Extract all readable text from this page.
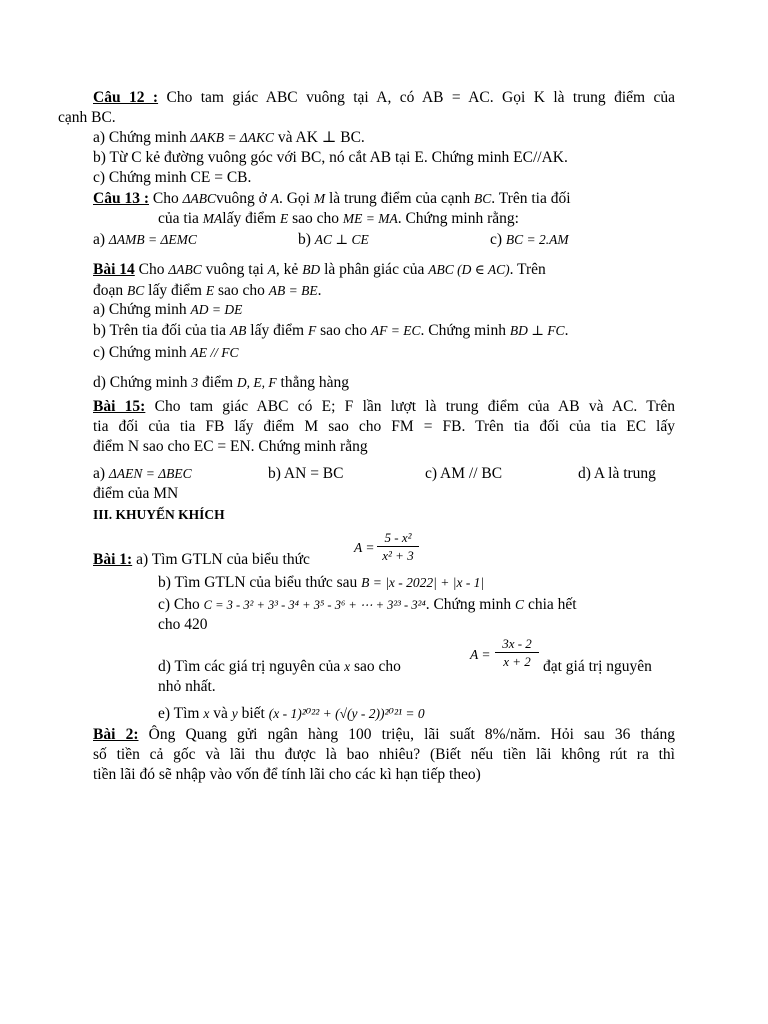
Câu 12 : Cho tam giác ABC vuông tại A, có AB = AC. Gọi K là trung điểm của
cạnh BC.
a) Chứng minh ΔAKB = ΔAKC và AK ⊥ BC.
b) Từ C kẻ đường vuông góc với BC, nó cắt AB tại E. Chứng minh EC//AK.
c) Chứng minh CE = CB.
Câu 13 : Cho ΔABCvuông ở A. Gọi M là trung điểm của cạnh BC. Trên tia đối
của tia MAlấy điểm E sao cho ME = MA. Chứng minh rằng:
a) ΔAMB = ΔEMC	b) AC ⊥ CE	c) BC = 2.AM
Bài 14 Cho ΔABC vuông tại A, kẻ BD là phân giác của ABC (D ∈ AC). Trên
đoạn BC lấy điểm E sao cho AB = BE.
a) Chứng minh AD = DE
b) Trên tia đối của tia AB lấy điểm F sao cho AF = EC. Chứng minh BD ⊥ FC.
c) Chứng minh AE // FC
d) Chứng minh 3 điểm D, E, F thẳng hàng
Bài 15: Cho tam giác ABC có E; F lần lượt là trung điểm của AB và AC. Trên
tia đối của tia FB lấy điểm M sao cho FM = FB. Trên tia đối của tia EC lấy
điểm N sao cho EC = EN. Chứng minh rằng
a) ΔAEN = ΔBEC	b) AN = BC	c) AM // BC	d) A là trung
điểm của MN
III. KHUYẾN KHÍCH
Bài 1: a) Tìm GTLN của biểu thức
A =
5 - x²
x² + 3
b) Tìm GTLN của biểu thức sau B = |x - 2022| + |x - 1|
c) Cho C = 3 - 3² + 3³ - 3⁴ + 3⁵ - 3⁶ + ⋯ + 3²³ - 3²⁴. Chứng minh C chia hết
cho 420
d) Tìm các giá trị nguyên của x sao cho
A =
3x - 2
x + 2 đạt giá trị nguyên
nhỏ nhất.
e) Tìm x và y biết (x - 1)²⁰²² + (√(y - 2))²⁰²¹ = 0
Bài 2: Ông Quang gửi ngân hàng 100 triệu, lãi suất 8%/năm. Hỏi sau 36 tháng
số tiền cả gốc và lãi thu được là bao nhiêu? (Biết nếu tiền lãi không rút ra thì
tiền lãi đó sẽ nhập vào vốn để tính lãi cho các kì hạn tiếp theo)
